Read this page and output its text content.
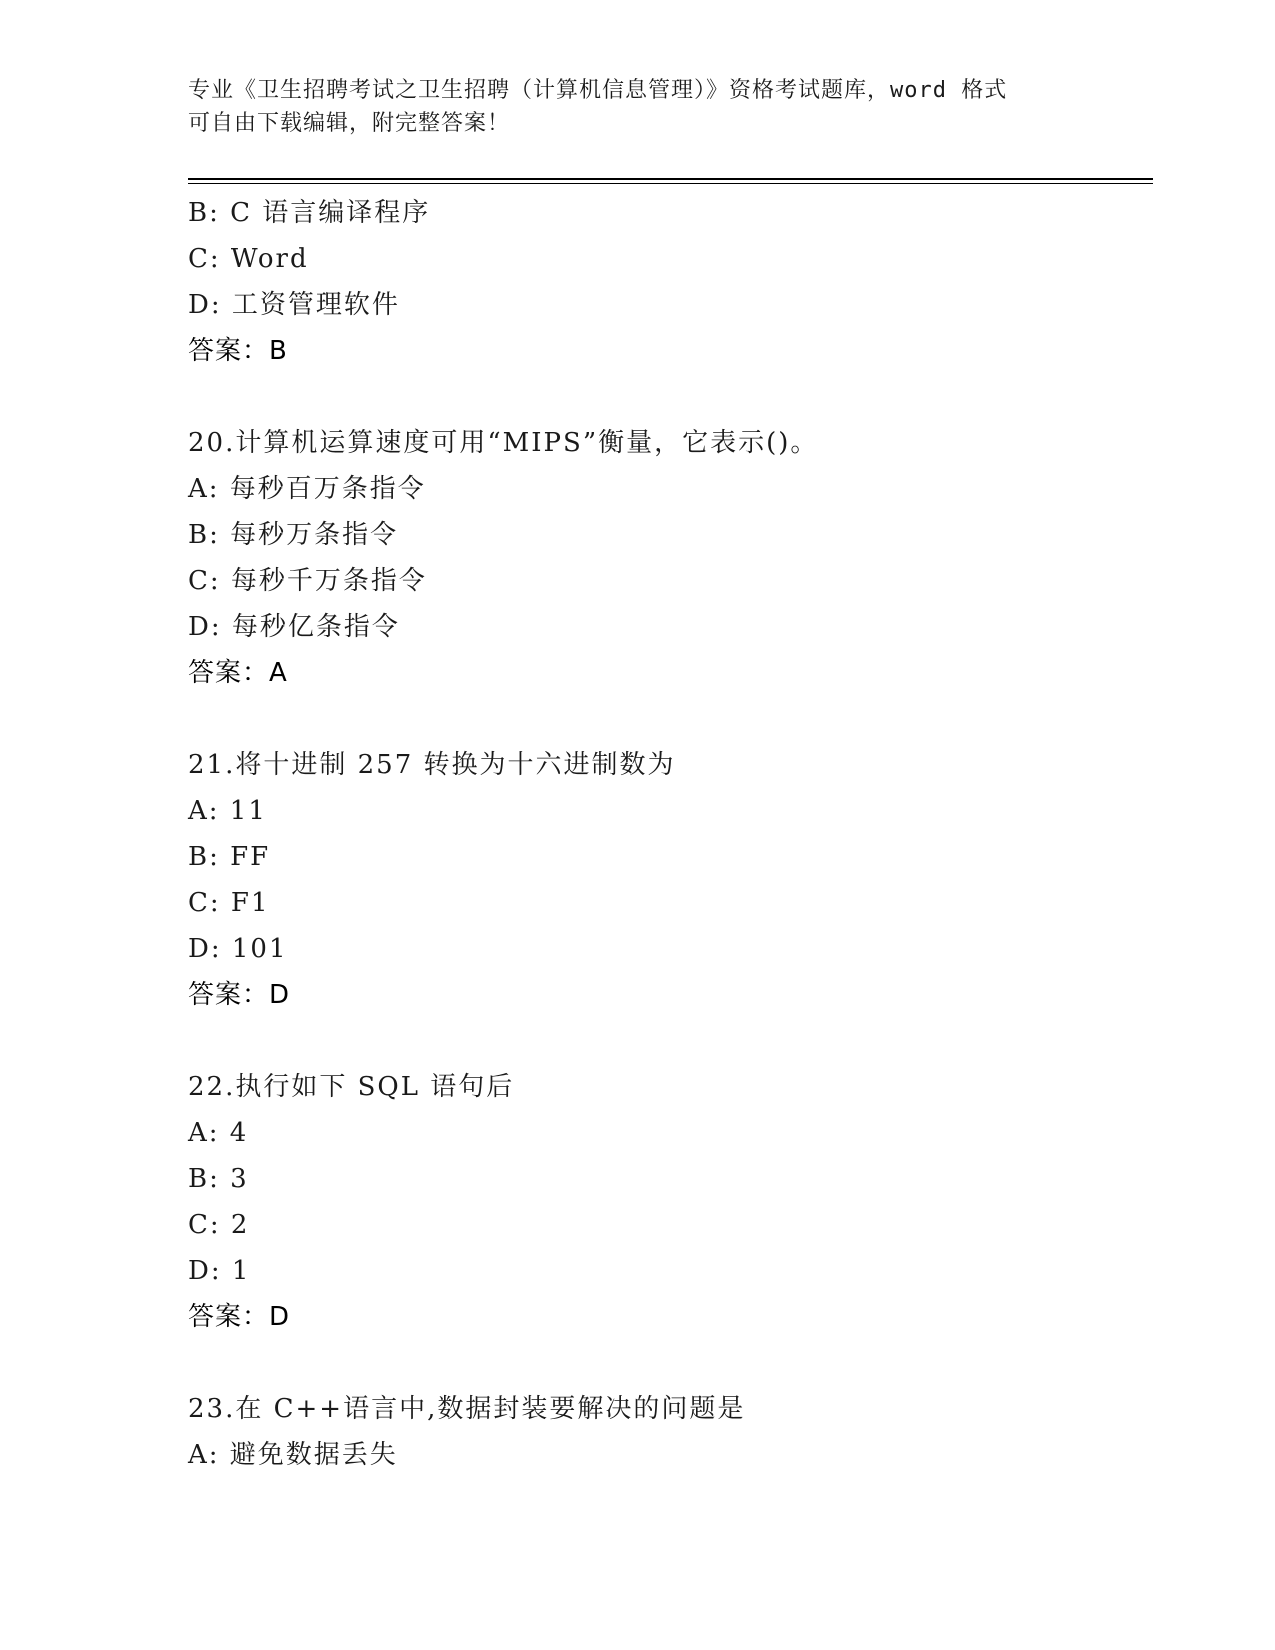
专业《卫生招聘考试之卫生招聘（计算机信息管理）》资格考试题库，word 格式
可自由下载编辑，附完整答案！
B: C 语言编译程序
C: Word
D: 工资管理软件
答案：B
20.计算机运算速度可用“MIPS”衡量，它表示()。
A: 每秒百万条指令
B: 每秒万条指令
C: 每秒千万条指令
D: 每秒亿条指令
答案：A
21.将十进制 257 转换为十六进制数为
A: 11
B: FF
C: F1
D: 101
答案：D
22.执行如下 SQL 语句后
A: 4
B: 3
C: 2
D: 1
答案：D
23.在 C++语言中,数据封装要解决的问题是
A: 避免数据丢失
